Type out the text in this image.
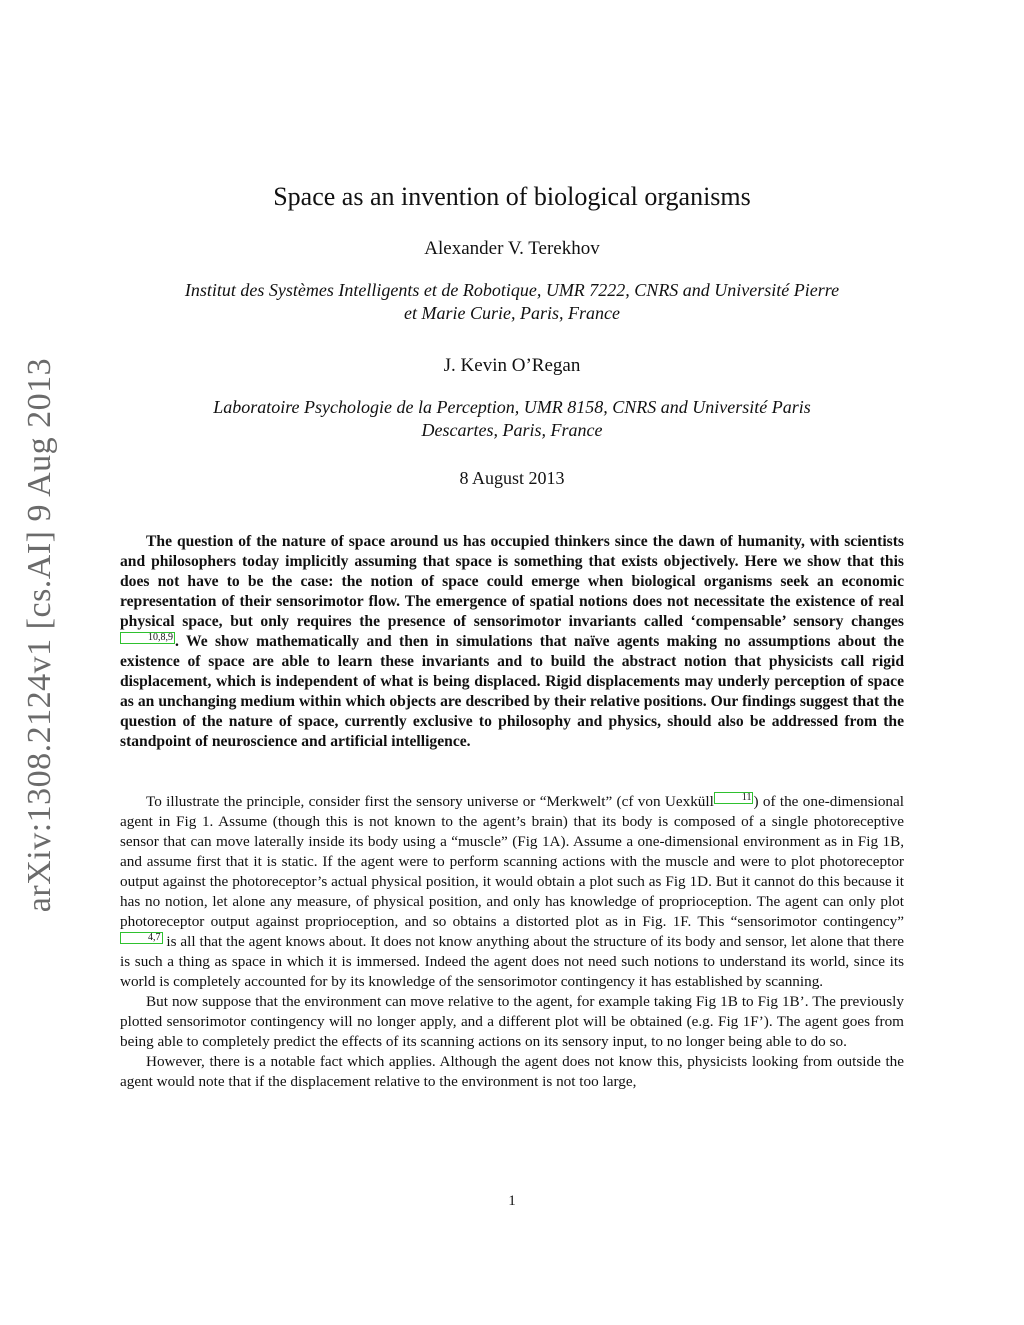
arXiv:1308.2124v1 [cs.AI] 9 Aug 2013
Space as an invention of biological organisms
Alexander V. Terekhov
Institut des Systèmes Intelligents et de Robotique, UMR 7222, CNRS and Université Pierre
et Marie Curie, Paris, France
J. Kevin O’Regan
Laboratoire Psychologie de la Perception, UMR 8158, CNRS and Université Paris
Descartes, Paris, France
8 August 2013

The question of the nature of space around us has occupied thinkers since the dawn of humanity, with scientists and philosophers today implicitly assuming that space is something that exists objectively. Here we show that this does not have to be the case: the notion of space could emerge when biological organisms seek an economic representation of their sensorimotor flow. The emergence of spatial notions does not necessitate the existence of real physical space, but only requires the presence of sensorimotor invariants called ‘compensable’ sensory changes10,8,9 . We show mathematically and then in simulations that naïve agents making no assumptions about the existence of space are able to learn these invariants and to build the abstract notion that physicists call rigid displacement, which is independent of what is being displaced. Rigid displacements may underly perception of space as an unchanging medium within which objects are described by their relative positions. Our findings suggest that the question of the nature of space, currently exclusive to philosophy and physics, should also be addressed from the standpoint of neuroscience and artificial intelligence.

To illustrate the principle, consider first the sensory universe or “Merkwelt” (cf von Uexküll	11 ) of the one-dimensional agent in Fig 1. Assume (though this is not known to the agent’s brain) that its body is composed of a single photoreceptive sensor that can move laterally inside its body using a “muscle” (Fig 1A). Assume a one-dimensional environment as in Fig 1B, and assume first that it is static. If the agent were to perform scanning actions with the muscle and were to plot photoreceptor output against the photoreceptor’s actual physical position, it would obtain a plot such as Fig 1D. But it cannot do this because it has no notion, let alone any measure, of physical position, and only has knowledge of proprioception. The agent can only plot photoreceptor output against proprioception, and so obtains a distorted plot as in Fig. 1F. This “sensorimotor contingency”4,7 is all that the agent knows about. It does not know anything about the structure of its body and sensor, let alone that there is such a thing as space in which it is immersed. Indeed the agent does not need such notions to understand its world, since its world is completely accounted for by its knowledge of the sensorimotor contingency it has established by scanning.

But now suppose that the environment can move relative to the agent, for example taking Fig 1B to Fig 1B’. The previously plotted sensorimotor contingency will no longer apply, and a different plot will be obtained (e.g. Fig 1F’). The agent goes from being able to completely predict the effects of its scanning actions on its sensory input, to no longer being able to do so.

However, there is a notable fact which applies. Although the agent does not know this, physicists looking from outside the agent would note that if the displacement relative to the environment is not too large,

1
